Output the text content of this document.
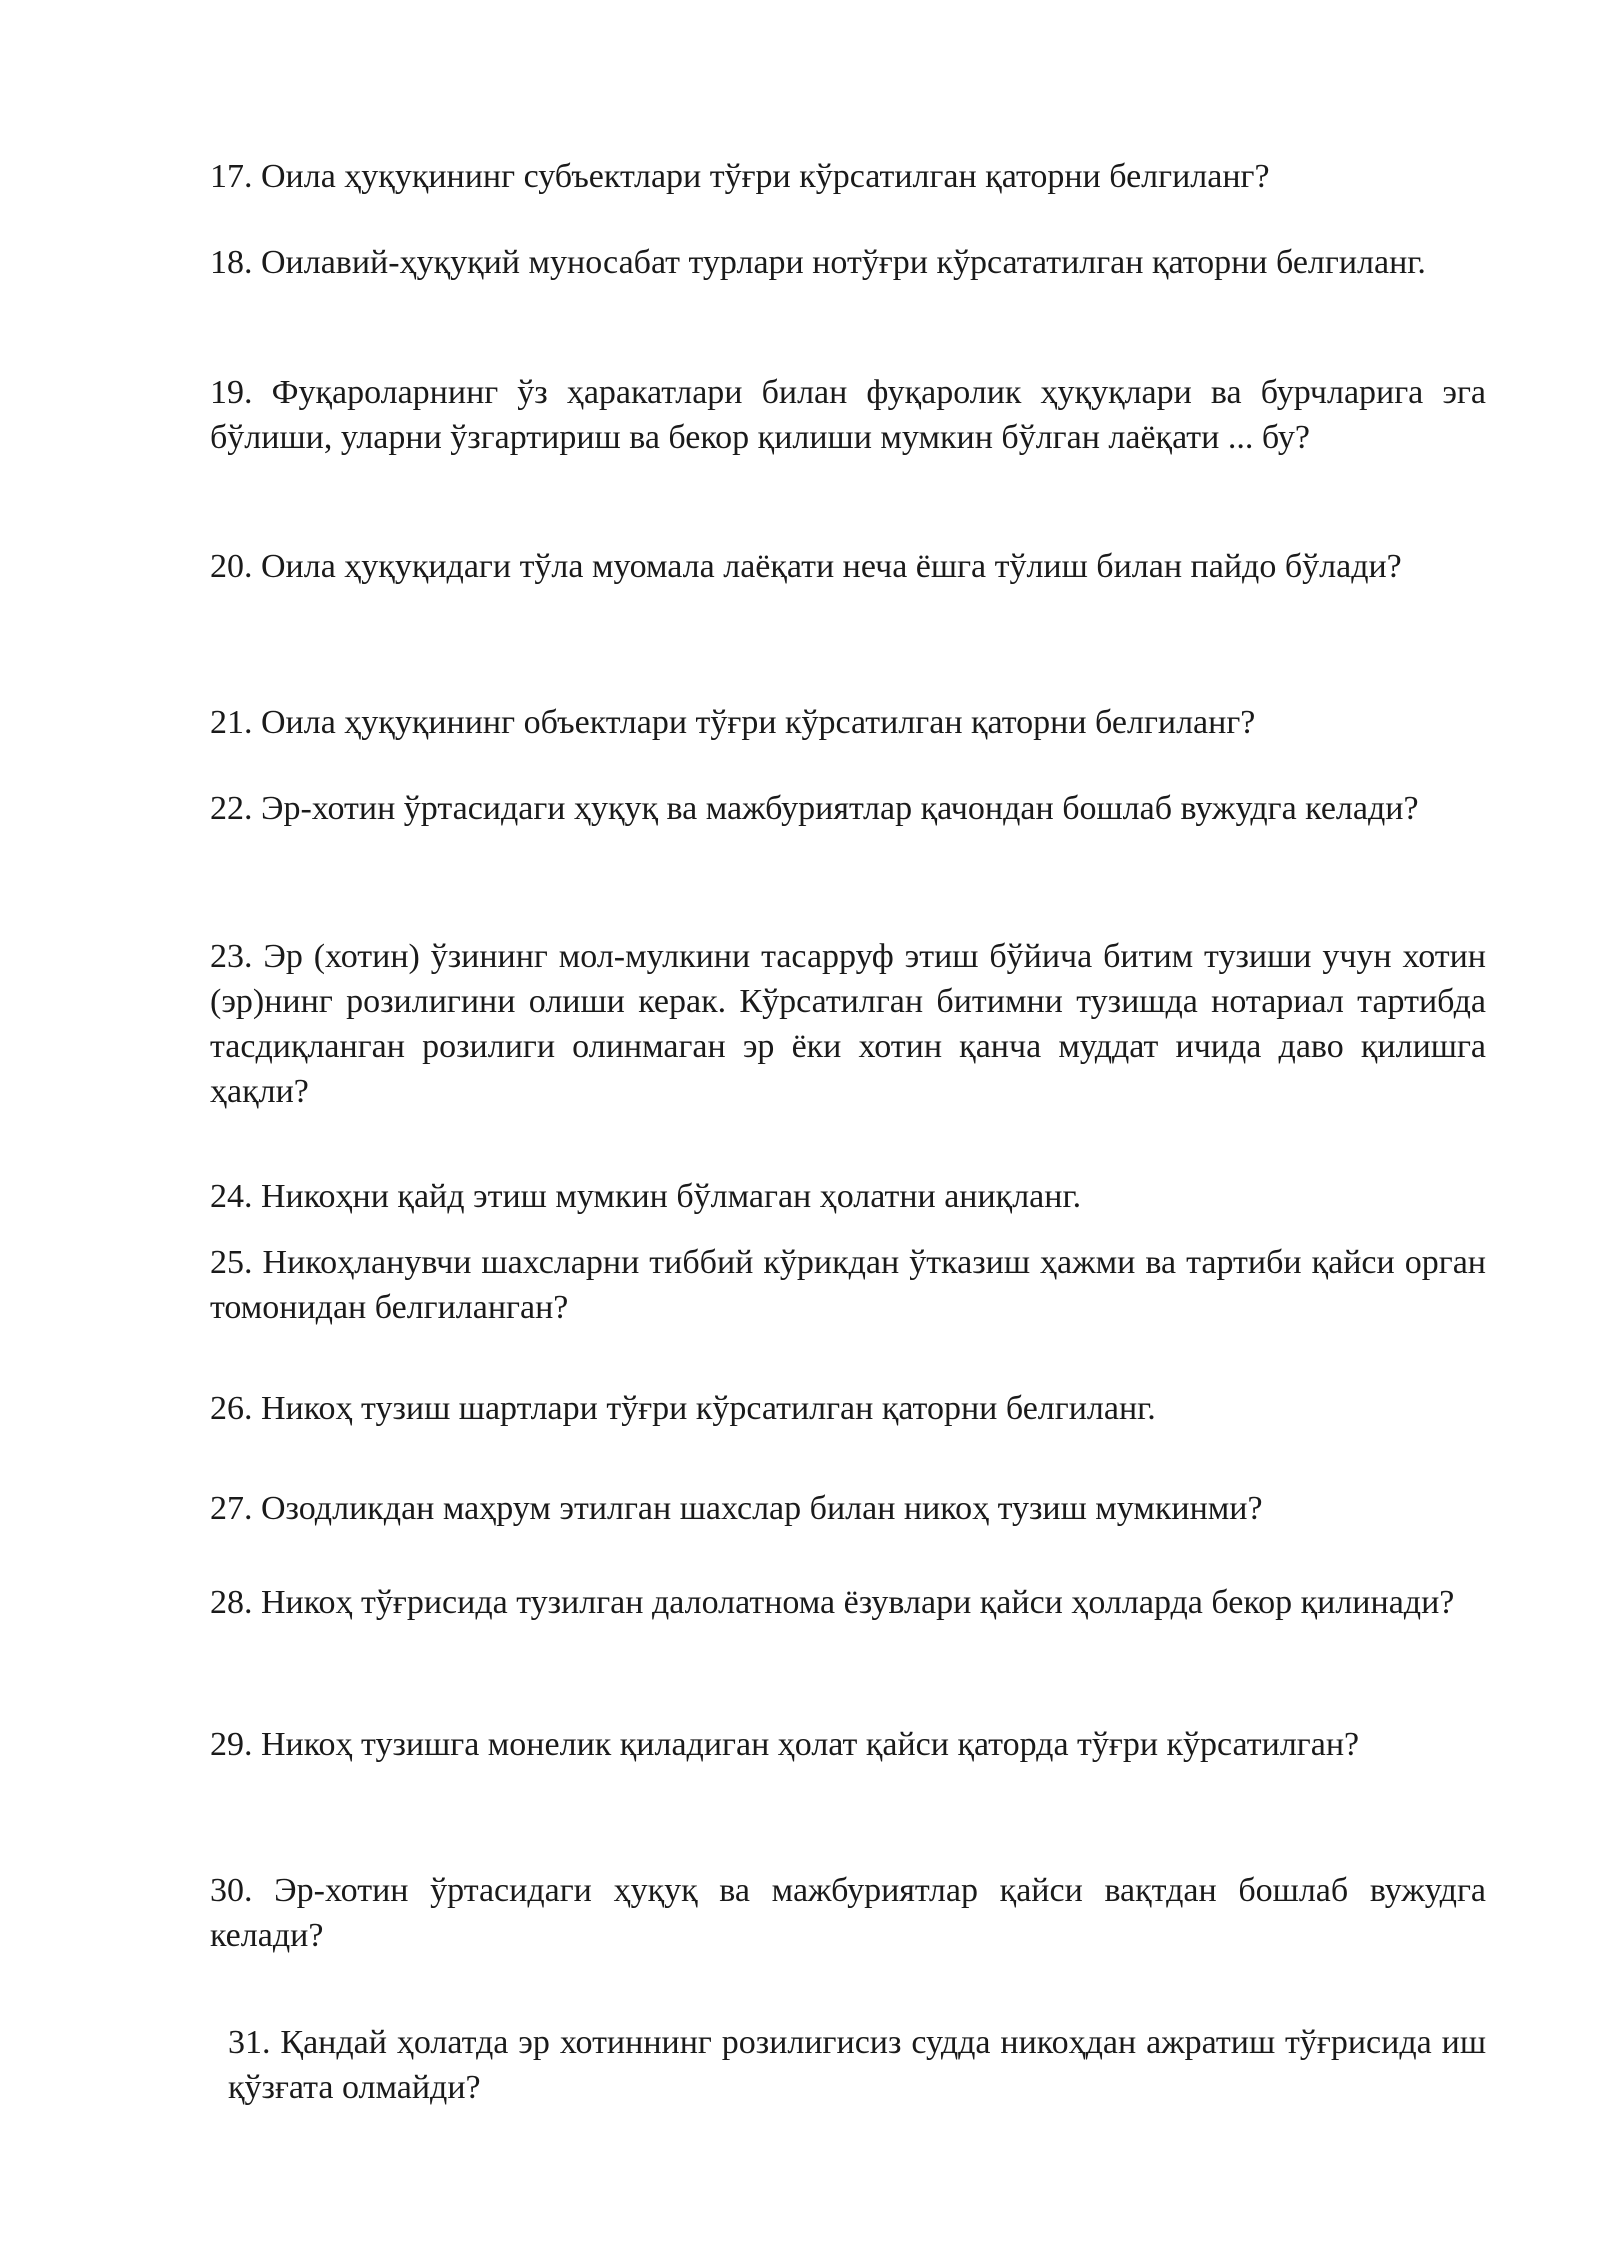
17. Оила ҳуқуқининг субъектлари тўғри кўрсатилган қаторни белгиланг?

18. Оилавий-ҳуқуқий муносабат турлари нотўғри кўрсататилган қаторни белгиланг.

19. Фуқароларнинг ўз ҳаракатлари билан фуқаролик ҳуқуқлари ва бурчларига эга бўлиши, уларни ўзгартириш ва бекор қилиши мумкин бўлган лаёқати ... бу?

20. Оила ҳуқуқидаги тўла муомала лаёқати неча ёшга тўлиш билан пайдо бўлади?

21. Оила ҳуқуқининг объектлари тўғри кўрсатилган қаторни белгиланг?

22. Эр-хотин ўртасидаги ҳуқуқ ва мажбуриятлар қачондан бошлаб вужудга келади?

23. Эр (хотин) ўзининг мол-мулкини тасарруф этиш бўйича битим тузиши учун хотин (эр)нинг розилигини олиши керак. Кўрсатилган битимни тузишда нотариал тартибда тасдиқланган розилиги олинмаган эр ёки хотин қанча муддат ичида даво қилишга ҳақли?

24. Никоҳни қайд этиш мумкин бўлмаган ҳолатни аниқланг.

25. Никоҳланувчи шахсларни тиббий кўрикдан ўтказиш ҳажми ва тартиби қайси орган томонидан белгиланган?

26. Никоҳ тузиш шартлари тўғри кўрсатилган қаторни белгиланг.

27. Озодликдан маҳрум этилган шахслар билан никоҳ тузиш мумкинми?

28. Никоҳ тўғрисида тузилган далолатнома ёзувлари қайси ҳолларда бекор қилинади?

29. Никоҳ тузишга монелик қиладиган ҳолат қайси қаторда тўғри кўрсатилган?

30. Эр-хотин ўртасидаги ҳуқуқ ва мажбуриятлар қайси вақтдан бошлаб вужудга келади?

31. Қандай ҳолатда эр хотиннинг розилигисиз судда никоҳдан ажратиш тўғрисида иш қўзғата олмайди?
